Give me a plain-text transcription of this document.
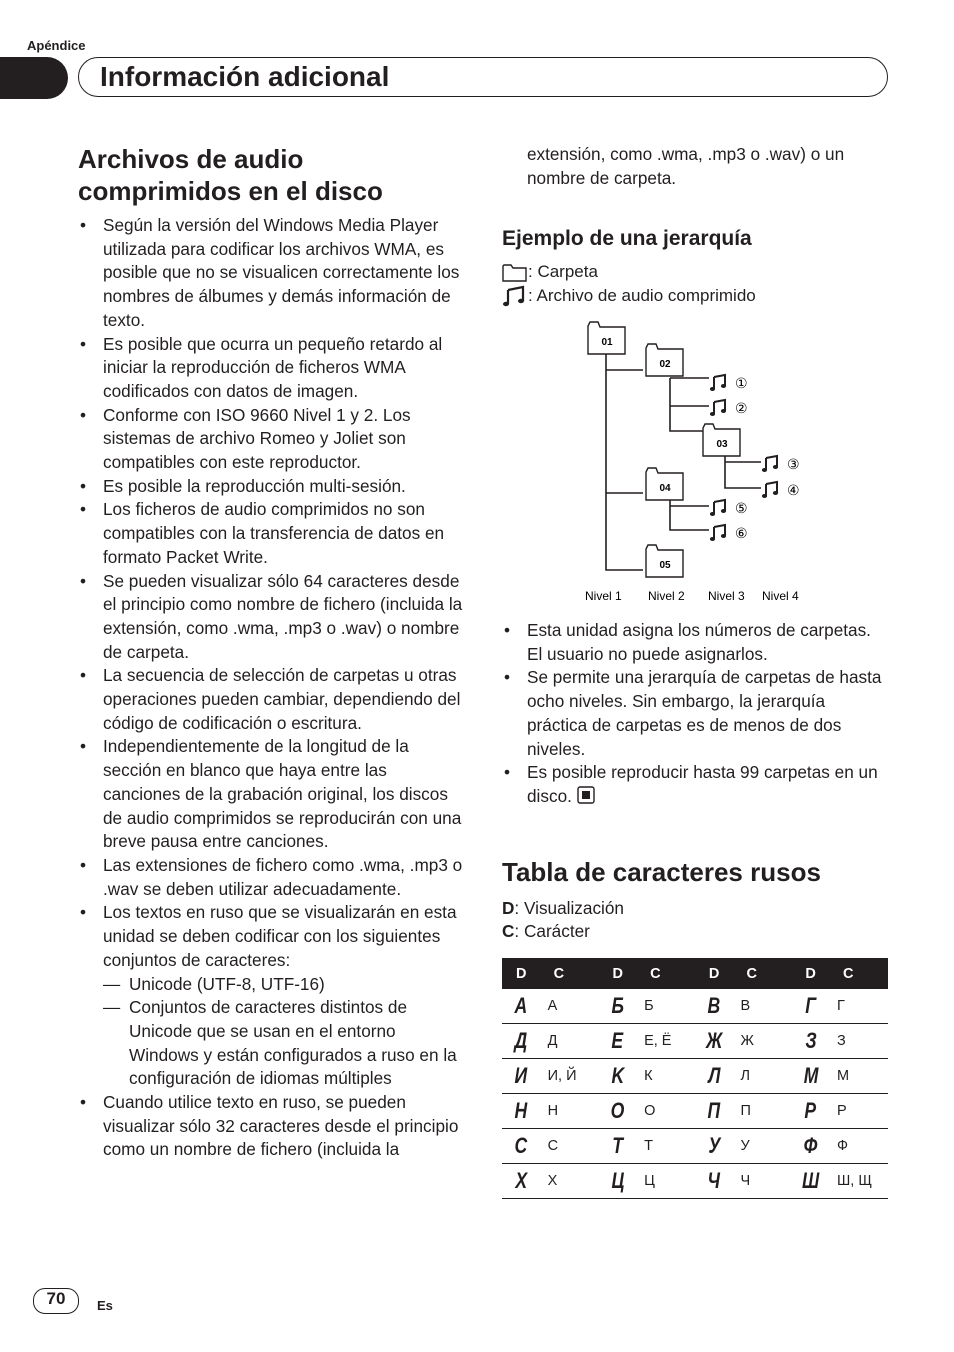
Apéndice
Información adicional
Archivos de audio
comprimidos en el disco
• Según la versión del Windows Media Player utilizada para codificar los archivos WMA, es posible que no se visualicen correctamente los nombres de álbumes y demás información de texto.
• Es posible que ocurra un pequeño retardo al iniciar la reproducción de ficheros WMA codificados con datos de imagen.
• Conforme con ISO 9660 Nivel 1 y 2. Los sistemas de archivo Romeo y Joliet son compatibles con este reproductor.
• Es posible la reproducción multi-sesión.
• Los ficheros de audio comprimidos no son compatibles con la transferencia de datos en formato Packet Write.
• Se pueden visualizar sólo 64 caracteres desde el principio como nombre de fichero (incluida la extensión, como .wma, .mp3 o .wav) o nombre de carpeta.
• La secuencia de selección de carpetas u otras operaciones pueden cambiar, dependiendo del código de codificación o escritura.
• Independientemente de la longitud de la sección en blanco que haya entre las canciones de la grabación original, los discos de audio comprimidos se reproducirán con una breve pausa entre canciones.
• Las extensiones de fichero como .wma, .mp3 o .wav se deben utilizar adecuadamente.
• Los textos en ruso que se visualizarán en esta unidad se deben codificar con los siguientes conjuntos de caracteres:
— Unicode (UTF-8, UTF-16)
— Conjuntos de caracteres distintos de Unicode que se usan en el entorno Windows y están configurados a ruso en la configuración de idiomas múltiples
• Cuando utilice texto en ruso, se pueden visualizar sólo 32 caracteres desde el principio como un nombre de fichero (incluida la
extensión, como .wma, .mp3 o .wav) o un nombre de carpeta.
Ejemplo de una jerarquía
: Carpeta
: Archivo de audio comprimido
01
02
03
04
05
①
②
③
④
⑤
⑥
Nivel 1 Nivel 2 Nivel 3 Nivel 4
• Esta unidad asigna los números de carpetas. El usuario no puede asignarlos.
• Se permite una jerarquía de carpetas de hasta ocho niveles. Sin embargo, la jerarquía práctica de carpetas es de menos de dos niveles.
• Es posible reproducir hasta 99 carpetas en un disco.
Tabla de caracteres rusos
D: Visualización
C: Carácter
D	C	D	C	D	C	D	C
A	А	Б	Б	B	В	Г	Г
Д	Д	E	Е, Ё	Ж	Ж	З	З
И	И, Й	K	К	Л	Л	M	М
H	Н	O	О	П	П	P	Р
C	С	T	Т	У	У	Ф	Ф
X	Х	Ц	Ц	Ч	Ч	Ш	Ш, Щ
70	Es
